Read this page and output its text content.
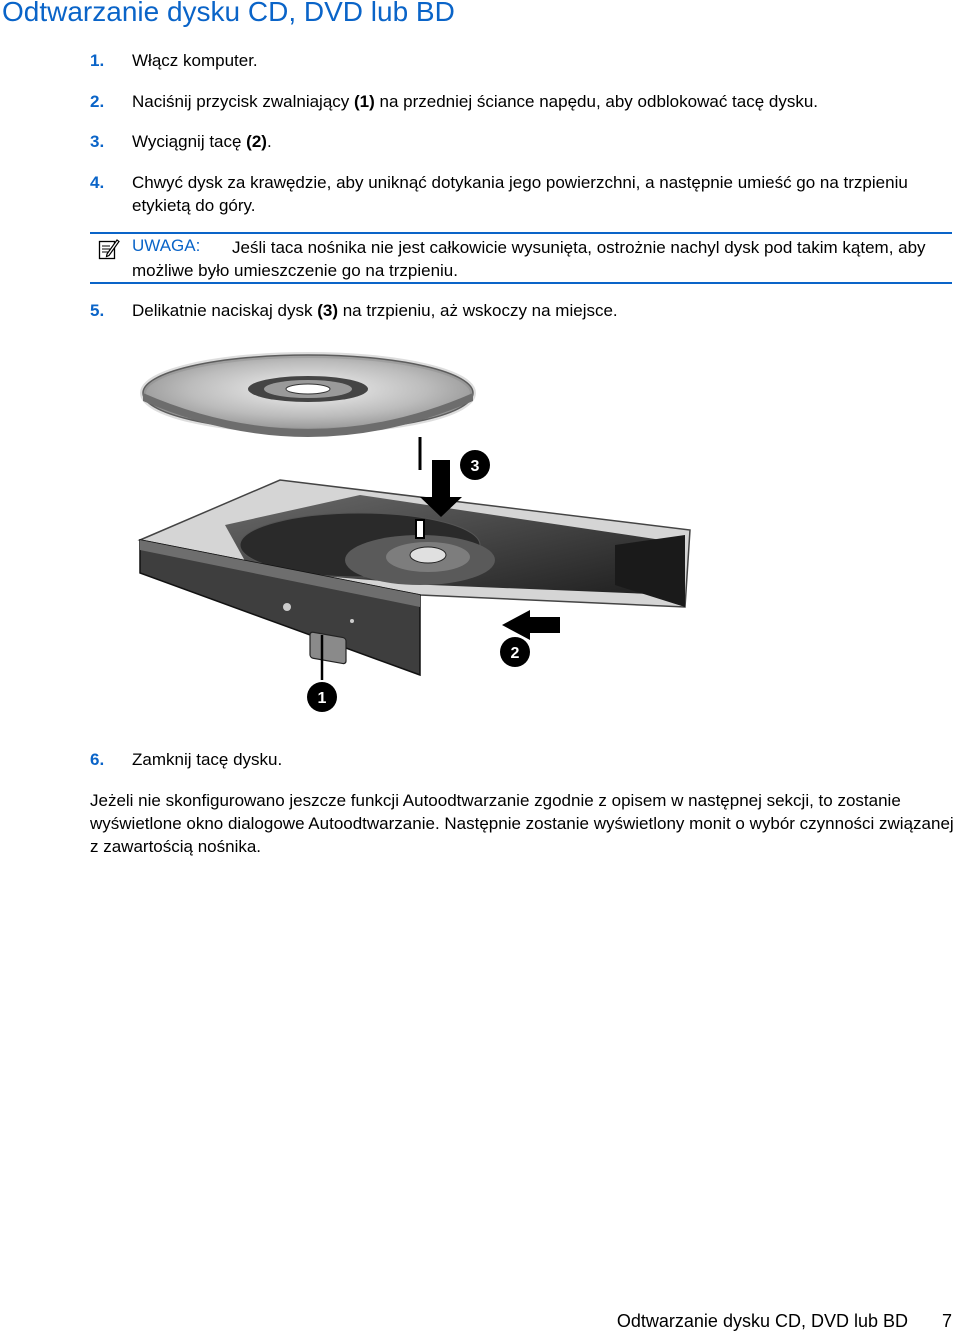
Odtwarzanie dysku CD, DVD lub BD
1. Włącz komputer.
2. Naciśnij przycisk zwalniający (1) na przedniej ściance napędu, aby odblokować tacę dysku.
3. Wyciągnij tacę (2).
4. Chwyć dysk za krawędzie, aby uniknąć dotykania jego powierzchni, a następnie umieść go na trzpieniu etykietą do góry.
UWAGA:	Jeśli taca nośnika nie jest całkowicie wysunięta, ostrożnie nachyl dysk pod takim kątem, aby możliwe było umieszczenie go na trzpieniu.
5. Delikatnie naciskaj dysk (3) na trzpieniu, aż wskoczy na miejsce.
1
2
3
6. Zamknij tacę dysku.
Jeżeli nie skonfigurowano jeszcze funkcji Autoodtwarzanie zgodnie z opisem w następnej sekcji, to zostanie wyświetlone okno dialogowe Autoodtwarzanie. Następnie zostanie wyświetlony monit o wybór czynności związanej z zawartością nośnika.
Odtwarzanie dysku CD, DVD lub BD 7
